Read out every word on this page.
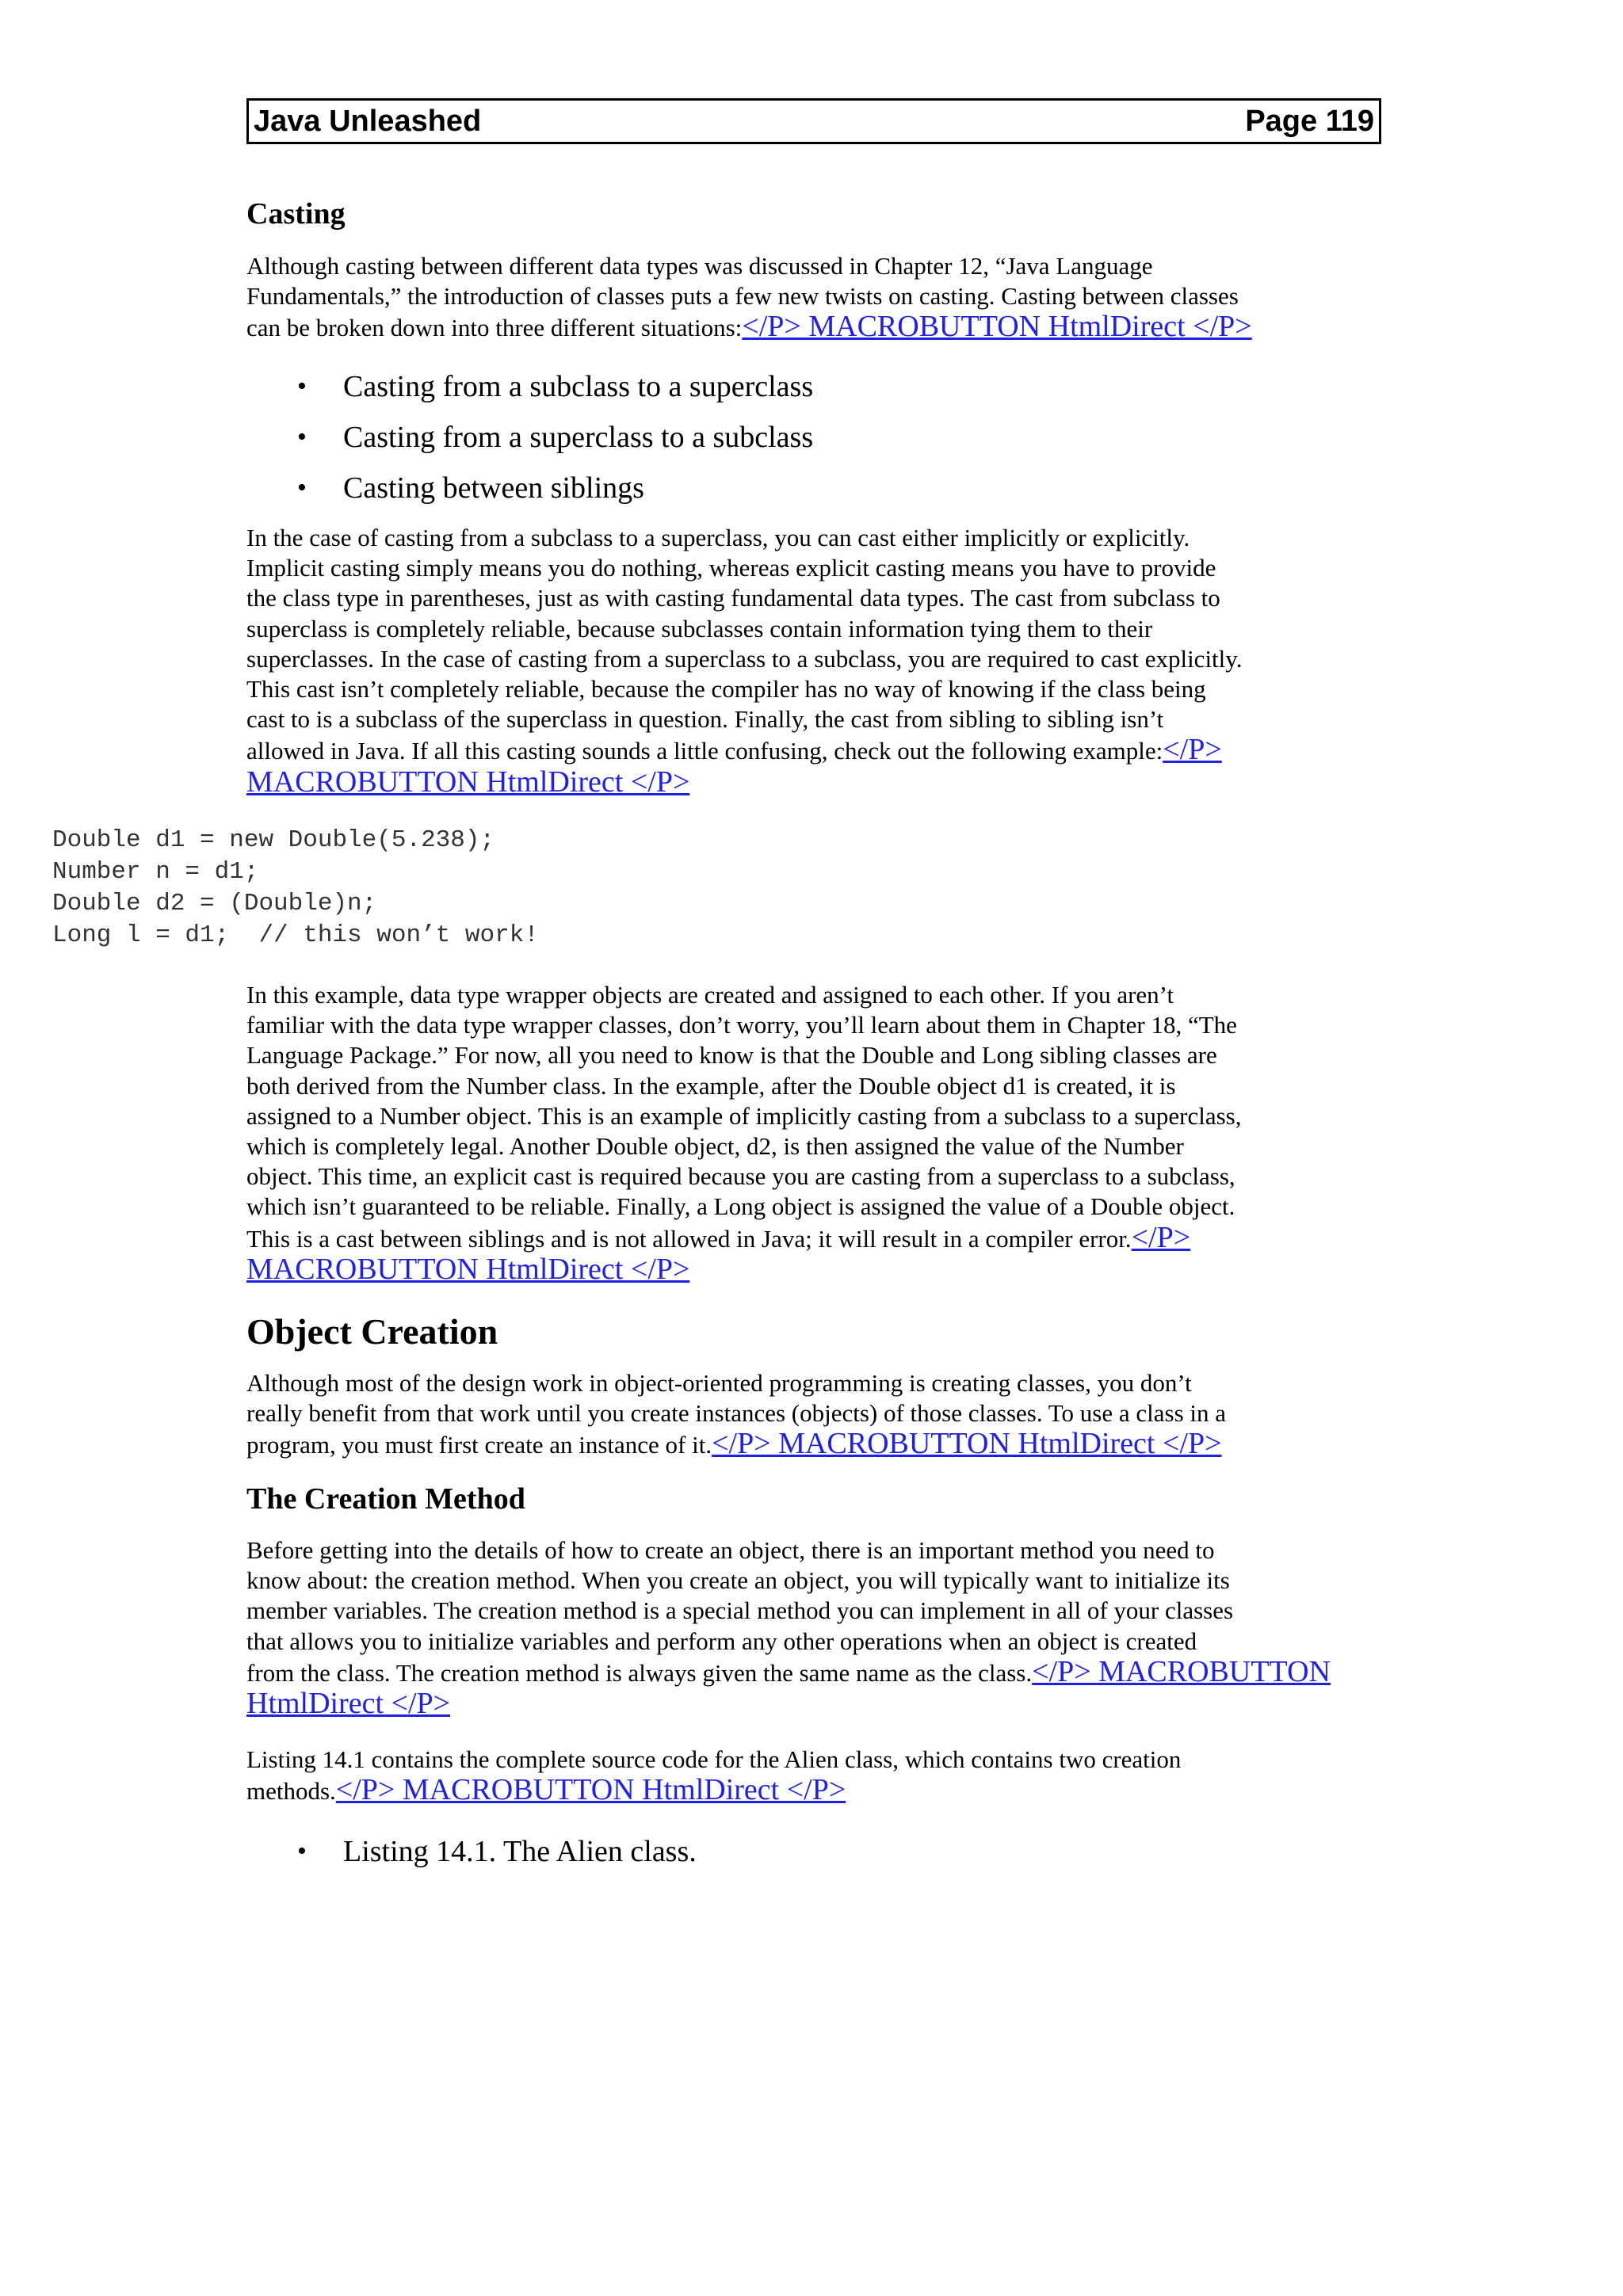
Java Unleashed	Page 119
Casting

Although casting between different data types was discussed in Chapter 12, “Java Language
Fundamentals,” the introduction of classes puts a few new twists on casting. Casting between classes
can be broken down into three different situations:</P> MACROBUTTON HtmlDirect </P>

•	Casting from a subclass to a superclass
•	Casting from a superclass to a subclass
•	Casting between siblings

In the case of casting from a subclass to a superclass, you can cast either implicitly or explicitly.
Implicit casting simply means you do nothing, whereas explicit casting means you have to provide
the class type in parentheses, just as with casting fundamental data types. The cast from subclass to
superclass is completely reliable, because subclasses contain information tying them to their
superclasses. In the case of casting from a superclass to a subclass, you are required to cast explicitly.
This cast isn’t completely reliable, because the compiler has no way of knowing if the class being
cast to is a subclass of the superclass in question. Finally, the cast from sibling to sibling isn’t
allowed in Java. If all this casting sounds a little confusing, check out the following example:</P> MACROBUTTON HtmlDirect </P>

Double d1 = new Double(5.238);
Number n = d1;
Double d2 = (Double)n;
Long l = d1;  // this won’t work!

In this example, data type wrapper objects are created and assigned to each other. If you aren’t
familiar with the data type wrapper classes, don’t worry, you’ll learn about them in Chapter 18, “The
Language Package.” For now, all you need to know is that the Double and Long sibling classes are
both derived from the Number class. In the example, after the Double object d1 is created, it is
assigned to a Number object. This is an example of implicitly casting from a subclass to a superclass,
which is completely legal. Another Double object, d2, is then assigned the value of the Number
object. This time, an explicit cast is required because you are casting from a superclass to a subclass,
which isn’t guaranteed to be reliable. Finally, a Long object is assigned the value of a Double object.
This is a cast between siblings and is not allowed in Java; it will result in a compiler error.</P> MACROBUTTON HtmlDirect </P>

Object Creation

Although most of the design work in object-oriented programming is creating classes, you don’t
really benefit from that work until you create instances (objects) of those classes. To use a class in a
program, you must first create an instance of it.</P> MACROBUTTON HtmlDirect </P>

The Creation Method

Before getting into the details of how to create an object, there is an important method you need to
know about: the creation method. When you create an object, you will typically want to initialize its
member variables. The creation method is a special method you can implement in all of your classes
that allows you to initialize variables and perform any other operations when an object is created
from the class. The creation method is always given the same name as the class.</P> MACROBUTTON HtmlDirect </P>

Listing 14.1 contains the complete source code for the Alien class, which contains two creation
methods.</P> MACROBUTTON HtmlDirect </P>

•	Listing 14.1. The Alien class.
